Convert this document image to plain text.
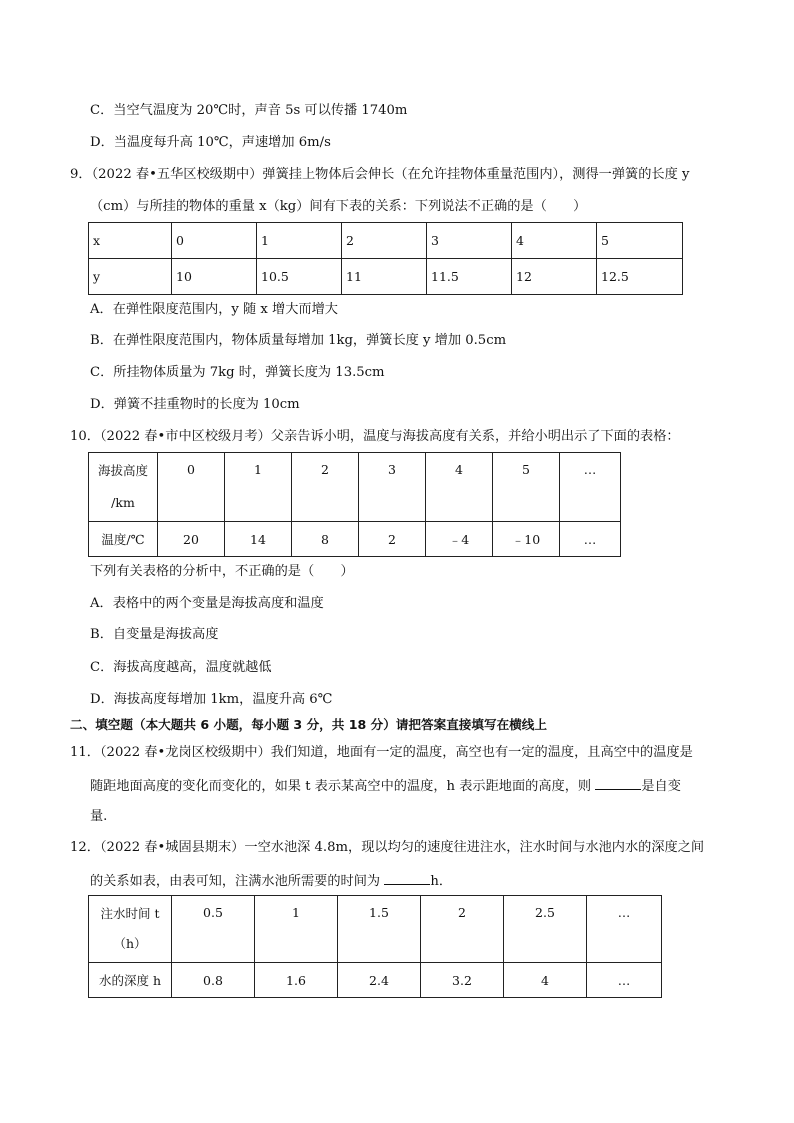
C．当空气温度为 20℃时，声音 5s 可以传播 1740m
D．当温度每升高 10℃，声速增加 6m/s
9．（2022 春•五华区校级期中）弹簧挂上物体后会伸长（在允许挂物体重量范围内），测得一弹簧的长度 y
（cm）与所挂的物体的重量 x（kg）间有下表的关系：下列说法不正确的是（　　）
x	0	1	2	3	4	5
y	10	10.5	11	11.5	12	12.5
A．在弹性限度范围内，y 随 x 增大而增大
B．在弹性限度范围内，物体质量每增加 1kg，弹簧长度 y 增加 0.5cm
C．所挂物体质量为 7kg 时，弹簧长度为 13.5cm
D．弹簧不挂重物时的长度为 10cm
10．（2022 春•市中区校级月考）父亲告诉小明，温度与海拔高度有关系，并给小明出示了下面的表格：
海拔高度
/km	0	1	2	3	4	5	…
温度/℃	20	14	8	2	﹣4	﹣10	…
下列有关表格的分析中，不正确的是（　　）
A．表格中的两个变量是海拔高度和温度
B．自变量是海拔高度
C．海拔高度越高，温度就越低
D．海拔高度每增加 1km，温度升高 6℃
二、填空题（本大题共 6 小题，每小题 3 分，共 18 分）请把答案直接填写在横线上
11．（2022 春•龙岗区校级期中）我们知道，地面有一定的温度，高空也有一定的温度，且高空中的温度是
随距地面高度的变化而变化的，如果 t 表示某高空中的温度，h 表示距地面的高度，则	是自变
量.
12．（2022 春•城固县期末）一空水池深 4.8m，现以均匀的速度往进注水，注水时间与水池内水的深度之间
的关系如表，由表可知，注满水池所需要的时间为	h．
注水时间 t
（h）	0.5	1	1.5	2	2.5	…
水的深度 h	0.8	1.6	2.4	3.2	4	…
